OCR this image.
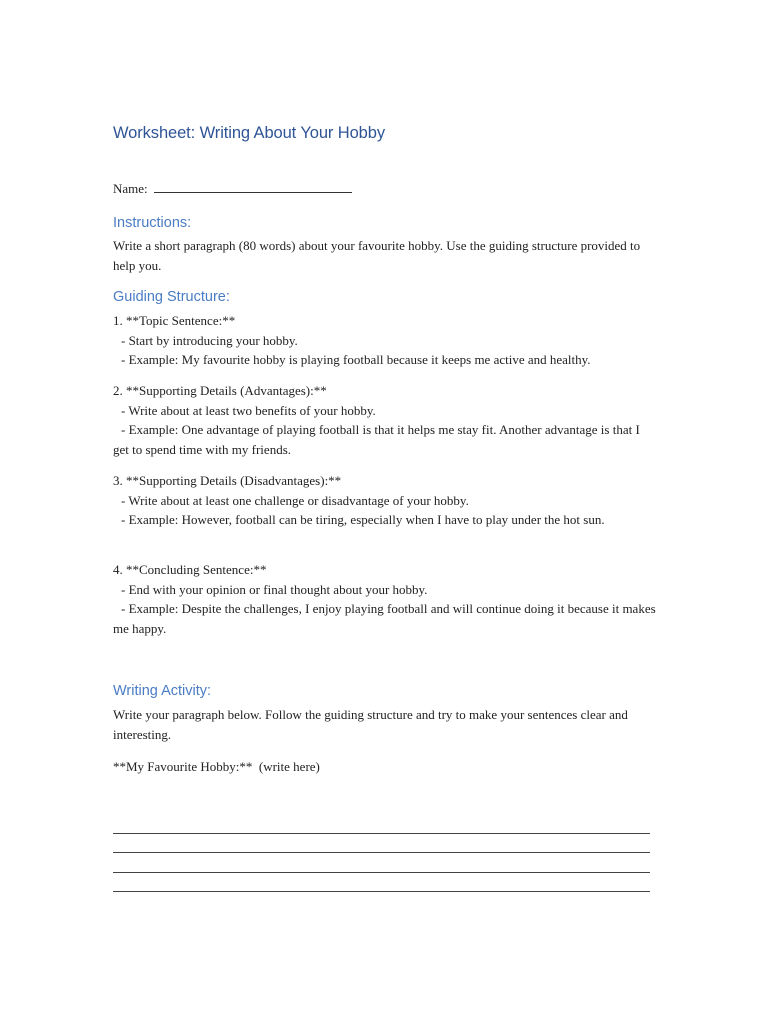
Worksheet: Writing About Your Hobby
Name:
Instructions:
Write a short paragraph (80 words) about your favourite hobby. Use the guiding structure provided to help you.
Guiding Structure:
1. **Topic Sentence:**
- Start by introducing your hobby.
- Example: My favourite hobby is playing football because it keeps me active and healthy.
2. **Supporting Details (Advantages):**
- Write about at least two benefits of your hobby.
- Example: One advantage of playing football is that it helps me stay fit. Another advantage is that I get to spend time with my friends.
3. **Supporting Details (Disadvantages):**
- Write about at least one challenge or disadvantage of your hobby.
- Example: However, football can be tiring, especially when I have to play under the hot sun.
4. **Concluding Sentence:**
- End with your opinion or final thought about your hobby.
- Example: Despite the challenges, I enjoy playing football and will continue doing it because it makes me happy.
Writing Activity:
Write your paragraph below. Follow the guiding structure and try to make your sentences clear and interesting.
**My Favourite Hobby:**  (write here)
